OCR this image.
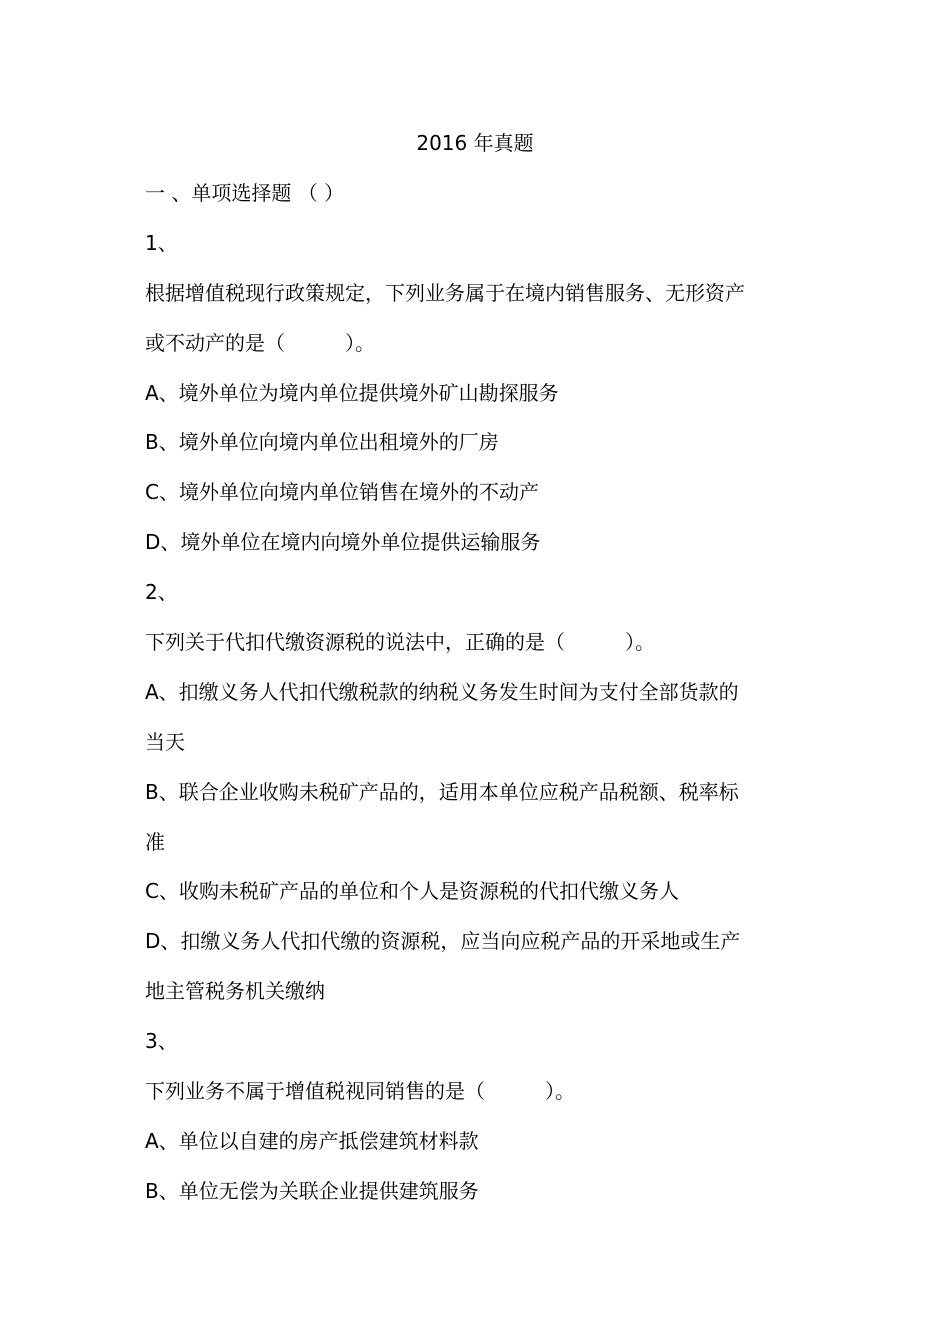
2016 年真题
一 、单项选择题 （ ）
1、
根据增值税现行政策规定，下列业务属于在境内销售服务、无形资产
或不动产的是（　　　）。
A、境外单位为境内单位提供境外矿山勘探服务
B、境外单位向境内单位出租境外的厂房
C、境外单位向境内单位销售在境外的不动产
D、境外单位在境内向境外单位提供运输服务
2、
下列关于代扣代缴资源税的说法中，正确的是（　　　）。
A、扣缴义务人代扣代缴税款的纳税义务发生时间为支付全部货款的
当天
B、联合企业收购未税矿产品的，适用本单位应税产品税额、税率标
准
C、收购未税矿产品的单位和个人是资源税的代扣代缴义务人
D、扣缴义务人代扣代缴的资源税，应当向应税产品的开采地或生产
地主管税务机关缴纳
3、
下列业务不属于增值税视同销售的是（　　　）。
A、单位以自建的房产抵偿建筑材料款
B、单位无偿为关联企业提供建筑服务
